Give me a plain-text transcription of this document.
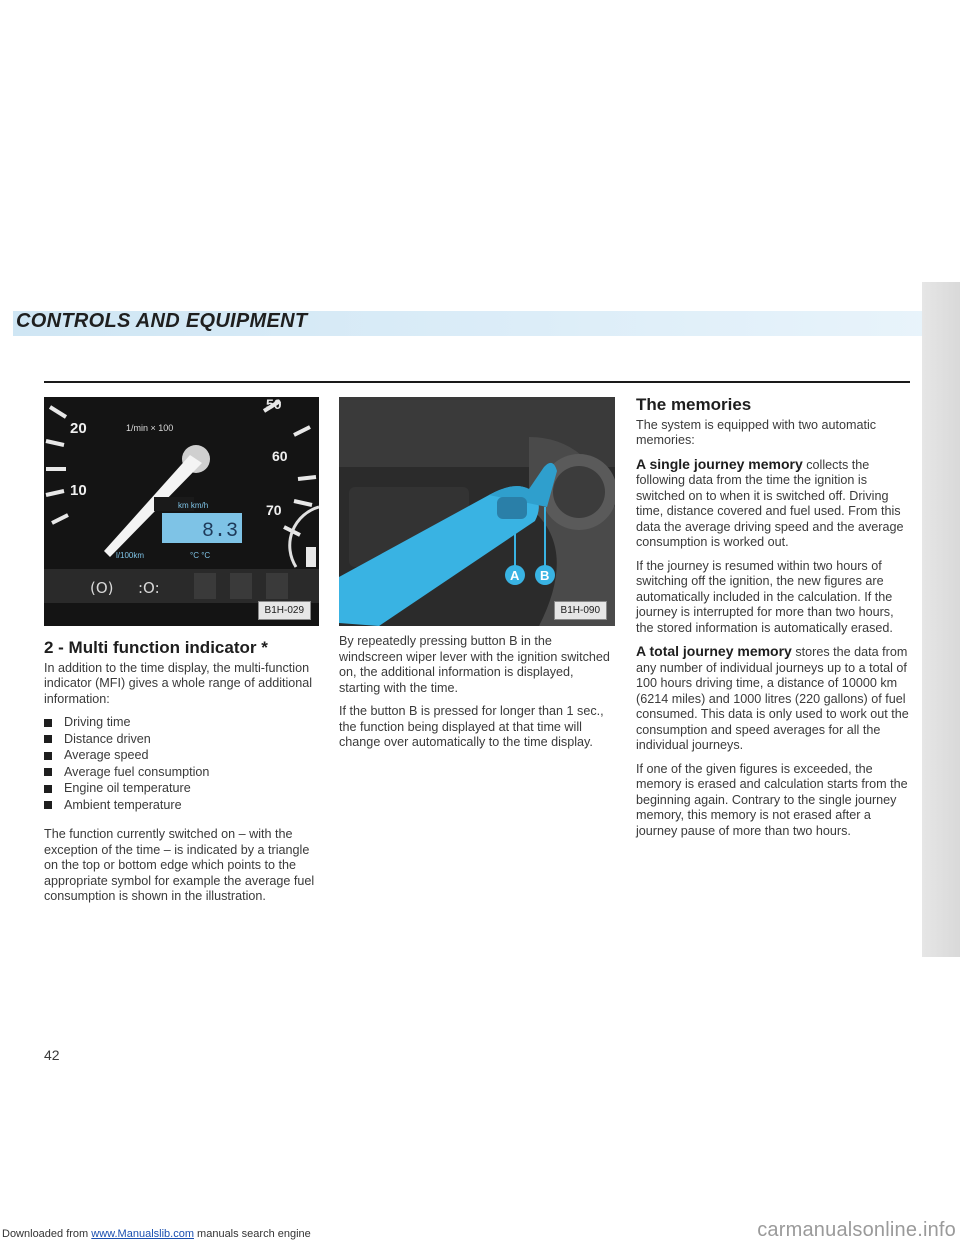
CONTROLS AND EQUIPMENT
50
20	1/min × 100
60
10
70
km km/h
8.3
l/100km	°C °C
(O) :O:
B1H-029
2 - Multi function indicator *

In addition to the time display, the multi-function indicator (MFI) gives a whole range of additional information:

Driving time
Distance driven
Average speed
Average fuel consumption
Engine oil temperature
Ambient temperature

The function currently switched on – with the exception of the time – is indicated by a triangle on the top or bottom edge which points to the appropriate symbol for example the average fuel consumption is shown in the illustration.

A B
B1H-090

By repeatedly pressing button B in the windscreen wiper lever with the ignition switched on, the additional information is displayed, starting with the time.

If the button B is pressed for longer than 1 sec., the function being displayed at that time will change over automatically to the time display.

The memories

The system is equipped with two automatic memories:

A single journey memory collects the following data from the time the ignition is switched on to when it is switched off. Driving time, distance covered and fuel used. From this data the average driving speed and the average consumption is worked out.

If the journey is resumed within two hours of switching off the ignition, the new figures are automatically included in the calculation. If the journey is interrupted for more than two hours, the stored information is automatically erased.

A total journey memory stores the data from any number of individual journeys up to a total of 100 hours driving time, a distance of 10000 km (6214 miles) and 1000 litres (220 gallons) of fuel consumed. This data is only used to work out the consumption and speed averages for all the individual journeys.

If one of the given figures is exceeded, the memory is erased and calculation starts from the beginning again. Contrary to the single journey memory, this memory is not erased after a journey pause of more than two hours.

42
Downloaded from www.Manualslib.com manuals search engine	carmanualsonline.info
